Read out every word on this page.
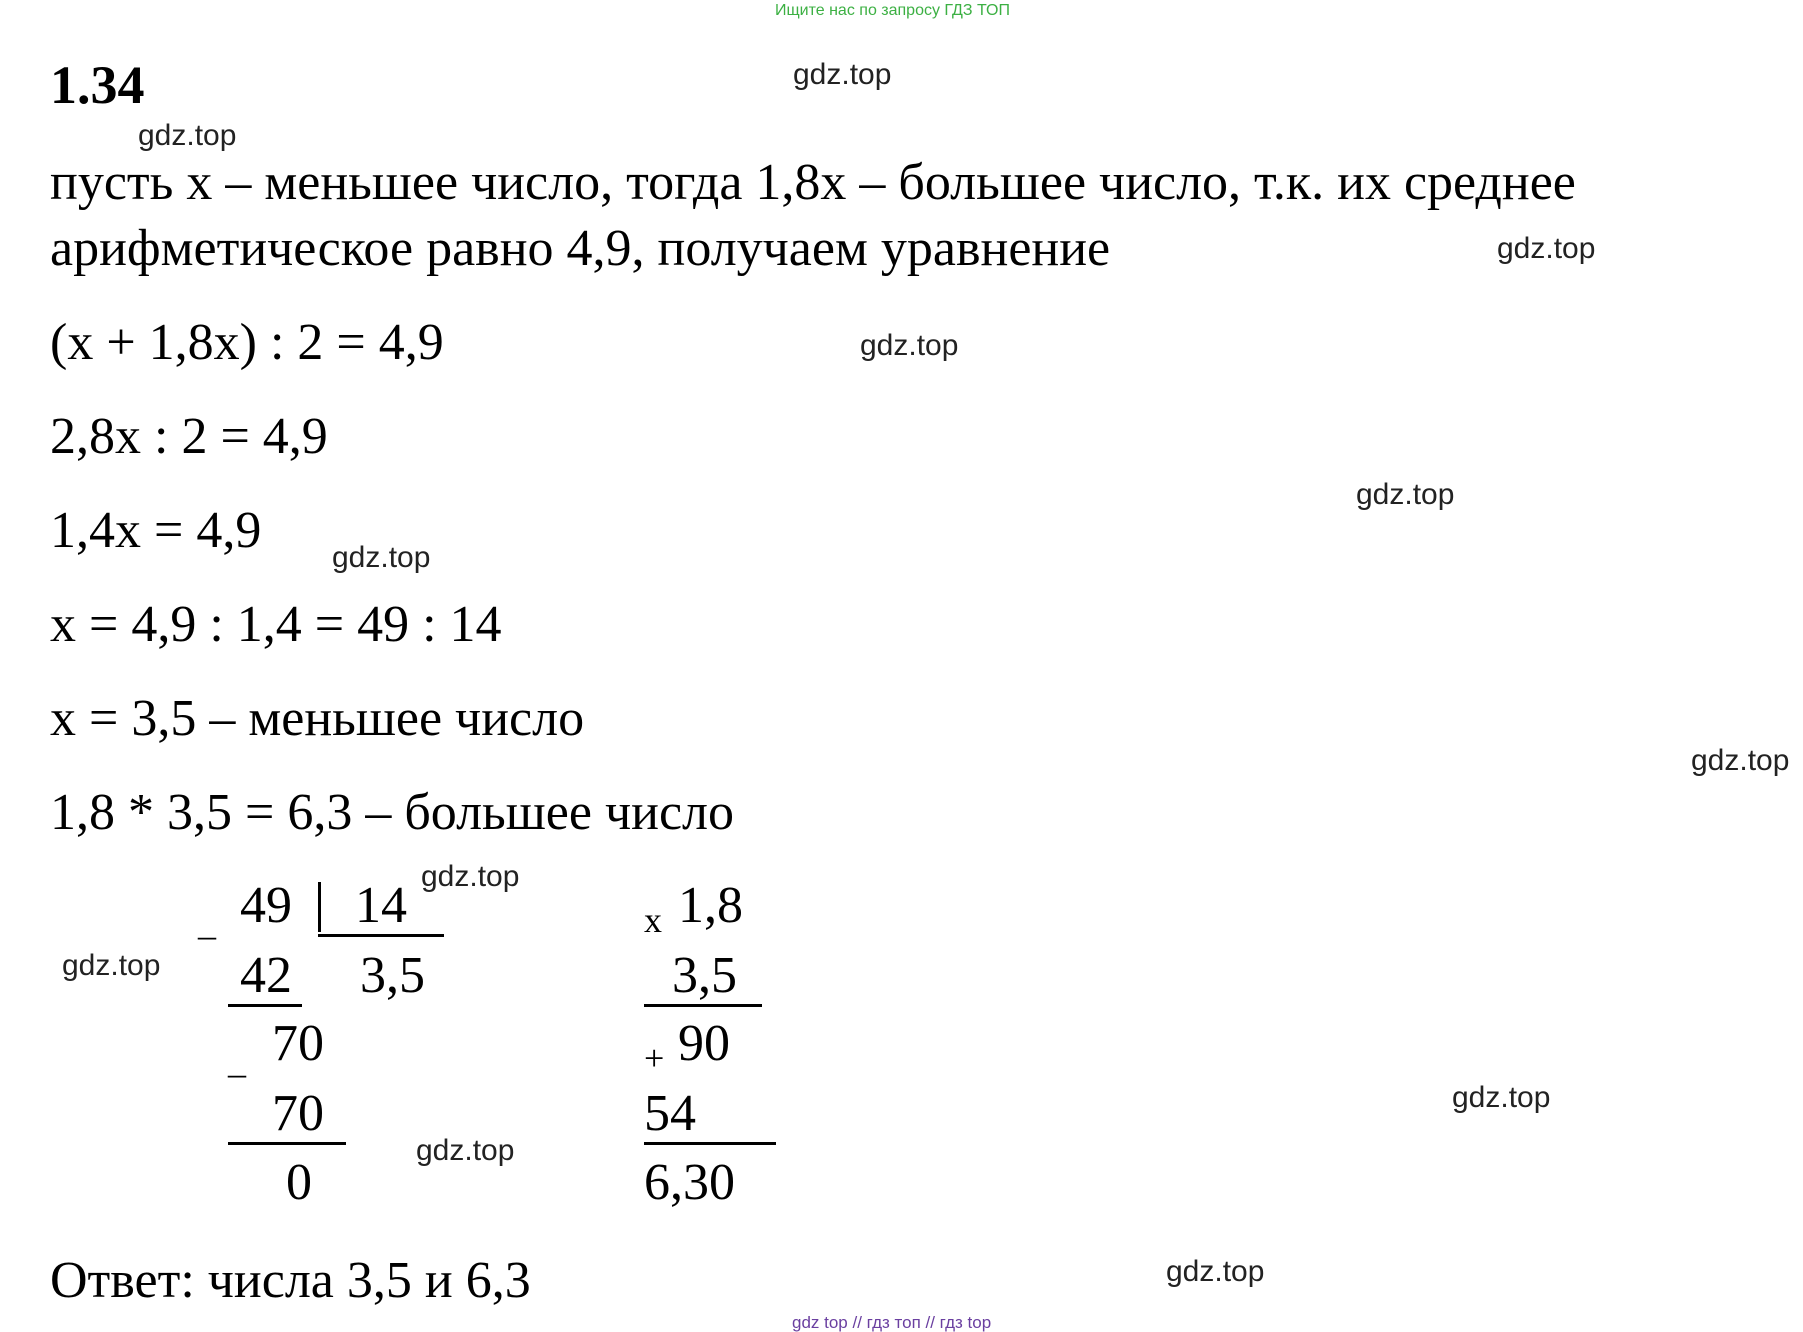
Ищите нас по запросу ГДЗ ТОП
1.34
пусть x – меньшее число, тогда 1,8x – большее число, т.к. их среднее
арифметическое равно 4,9, получаем уравнение
(x + 1,8x) : 2 = 4,9
2,8x : 2 = 4,9
1,4x = 4,9
x = 4,9 : 1,4 = 49 : 14
x = 3,5 – меньшее число
1,8 * 3,5 = 6,3 – большее число
_ 49 14
42 3,5
_ 70
70
0
x 1,8
3,5
+ 90
54
6,30
Ответ: числа 3,5 и 6,3
gdz.top
gdz.top
gdz.top
gdz.top
gdz.top
gdz.top
gdz.top
gdz.top
gdz.top
gdz.top
gdz.top
gdz.top
gdz top // гдз топ // гдз top
